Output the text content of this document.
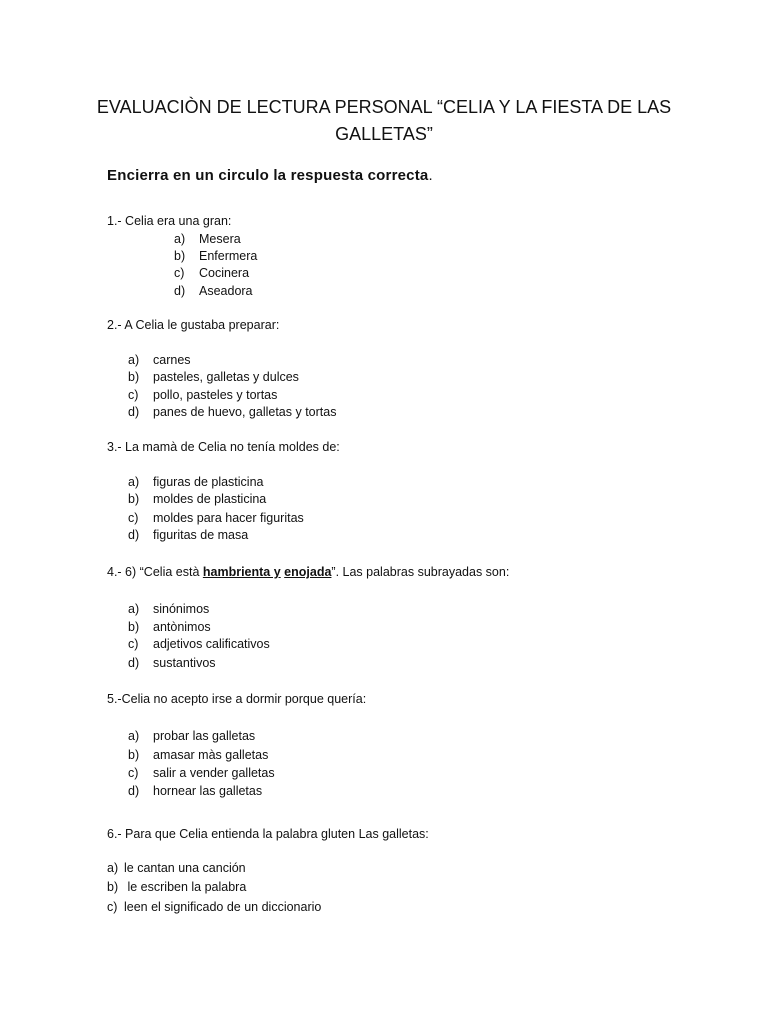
EVALUACIÒN DE LECTURA PERSONAL “CELIA Y LA FIESTA DE LAS
GALLETAS”
Encierra en un circulo la respuesta correcta.
1.- Celia era una gran:
a) Mesera
b) Enfermera
c) Cocinera
d) Aseadora
2.- A Celia le gustaba preparar:
a) carnes
b) pasteles, galletas y dulces
c) pollo, pasteles y tortas
d) panes de huevo, galletas y tortas
3.- La mamà de Celia no tenía moldes de:
a) figuras de plasticina
b) moldes de plasticina
c) moldes para hacer figuritas
d) figuritas de masa
4.- 6) “Celia està hambrienta y enojada”. Las palabras subrayadas son:
a) sinónimos
b) antònimos
c) adjetivos calificativos
d) sustantivos
5.-Celia no acepto irse a dormir porque quería:
a) probar las galletas
b) amasar màs galletas
c) salir a vender galletas
d) hornear las galletas
6.- Para que Celia entienda la palabra gluten Las galletas:
a) le cantan una canción
b) le escriben la palabra
c) leen el significado de un diccionario
